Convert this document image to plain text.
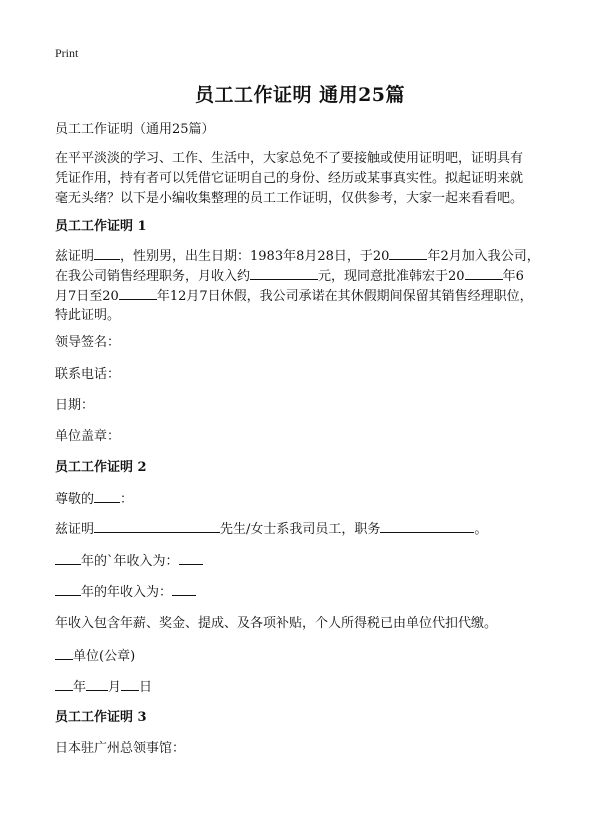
Print
员工工作证明 通用25篇
员工工作证明（通用25篇）
在平平淡淡的学习、工作、生活中，大家总免不了要接触或使用证明吧，证明具有
凭证作用，持有者可以凭借它证明自己的身份、经历或某事真实性。拟起证明来就
毫无头绪？以下是小编收集整理的员工工作证明，仅供参考，大家一起来看看吧。
员工工作证明 1
兹证明 ，性别男，出生日期：1983年8月28日，于20	年2月加入我公司，
在我公司销售经理职务，月收入约	元，现同意批准韩宏于20	年6
月7日至20	年12月7日休假，我公司承诺在其休假期间保留其销售经理职位，
特此证明。
领导签名：
联系电话：
日期：
单位盖章：
员工工作证明 2
尊敬的 ：
兹证明	先生/女士系我司员工，职务	。
年的`年收入为：
年的年收入为：
年收入包含年薪、奖金、提成、及各项补贴，个人所得税已由单位代扣代缴。
单位(公章)
年 月 日
员工工作证明 3
日本驻广州总领事馆：
